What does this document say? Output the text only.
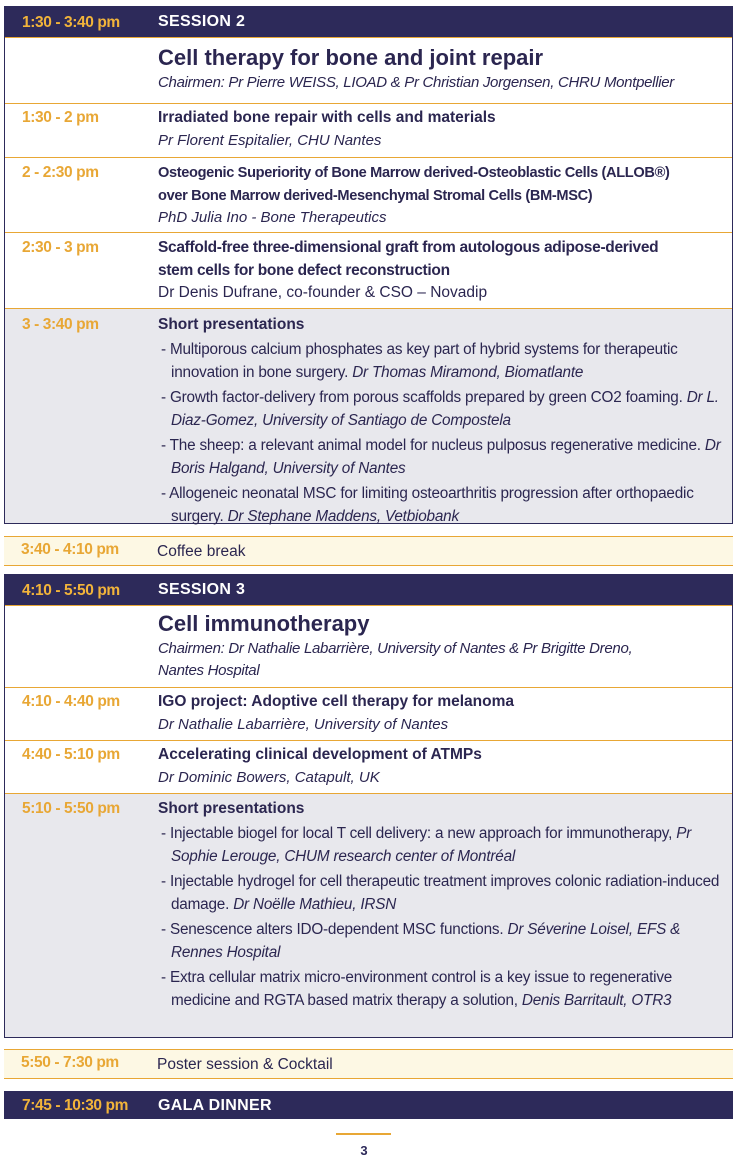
1:30 - 3:40 pm SESSION 2
Cell therapy for bone and joint repair
Chairmen: Pr Pierre WEISS, LIOAD & Pr Christian Jorgensen, CHRU Montpellier
1:30 - 2 pm	Irradiated bone repair with cells and materials
Pr Florent Espitalier, CHU Nantes
2 - 2:30 pm	Osteogenic Superiority of Bone Marrow derived-Osteoblastic Cells (ALLOB®)
over Bone Marrow derived-Mesenchymal Stromal Cells (BM-MSC)
PhD Julia Ino - Bone Therapeutics
2:30 - 3 pm	Scaffold-free three-dimensional graft from autologous adipose-derived
stem cells for bone defect reconstruction
Dr Denis Dufrane, co-founder & CSO – Novadip
3 - 3:40 pm	Short presentations
- Multiporous calcium phosphates as key part of hybrid systems for therapeutic innovation in bone surgery. Dr Thomas Miramond, Biomatlante
- Growth factor-delivery from porous scaffolds prepared by green CO2 foaming. Dr L. Diaz-Gomez, University of Santiago de Compostela
- The sheep: a relevant animal model for nucleus pulposus regenerative medicine. Dr Boris Halgand, University of Nantes
- Allogeneic neonatal MSC for limiting osteoarthritis progression after orthopaedic surgery. Dr Stephane Maddens, Vetbiobank
3:40 - 4:10 pm Coffee break
4:10 - 5:50 pm SESSION 3
Cell immunotherapy
Chairmen: Dr Nathalie Labarrière, University of Nantes & Pr Brigitte Dreno,
Nantes Hospital
4:10 - 4:40 pm IGO project: Adoptive cell therapy for melanoma
Dr Nathalie Labarrière, University of Nantes
4:40 - 5:10 pm Accelerating clinical development of ATMPs
Dr Dominic Bowers, Catapult, UK
5:10 - 5:50 pm Short presentations
- Injectable biogel for local T cell delivery: a new approach for immunotherapy, Pr Sophie Lerouge, CHUM research center of Montréal
- Injectable hydrogel for cell therapeutic treatment improves colonic radiation-induced damage. Dr Noëlle Mathieu, IRSN
- Senescence alters IDO-dependent MSC functions. Dr Séverine Loisel, EFS & Rennes Hospital
- Extra cellular matrix micro-environment control is a key issue to regenerative medicine and RGTA based matrix therapy a solution, Denis Barritault, OTR3
5:50 - 7:30 pm Poster session & Cocktail
7:45 - 10:30 pm GALA DINNER
3
